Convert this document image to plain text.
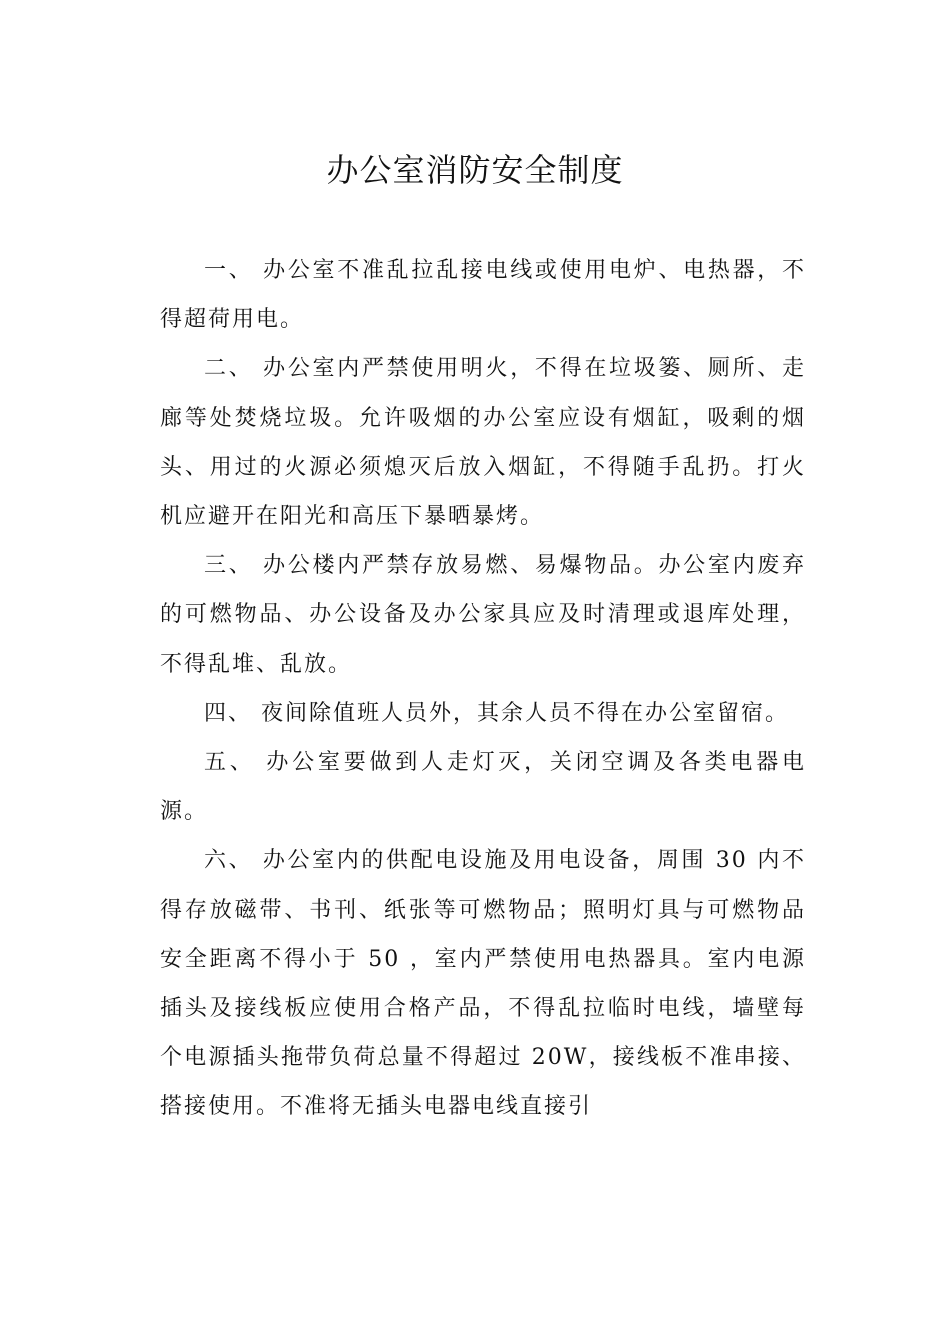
办公室消防安全制度

一、 办公室不准乱拉乱接电线或使用电炉、电热器，不得超荷用电。

二、 办公室内严禁使用明火，不得在垃圾篓、厕所、走廊等处焚烧垃圾。允许吸烟的办公室应设有烟缸，吸剩的烟头、用过的火源必须熄灭后放入烟缸，不得随手乱扔。打火机应避开在阳光和高压下暴晒暴烤。

三、 办公楼内严禁存放易燃、易爆物品。办公室内废弃的可燃物品、办公设备及办公家具应及时清理或退库处理，不得乱堆、乱放。

四、 夜间除值班人员外，其余人员不得在办公室留宿。

五、 办公室要做到人走灯灭，关闭空调及各类电器电源。

六、 办公室内的供配电设施及用电设备，周围 30 内不得存放磁带、书刊、纸张等可燃物品；照明灯具与可燃物品安全距离不得小于 50 ，室内严禁使用电热器具。室内电源插头及接线板应使用合格产品，不得乱拉临时电线，墙壁每个电源插头拖带负荷总量不得超过 20W，接线板不准串接、搭接使用。不准将无插头电器电线直接引
